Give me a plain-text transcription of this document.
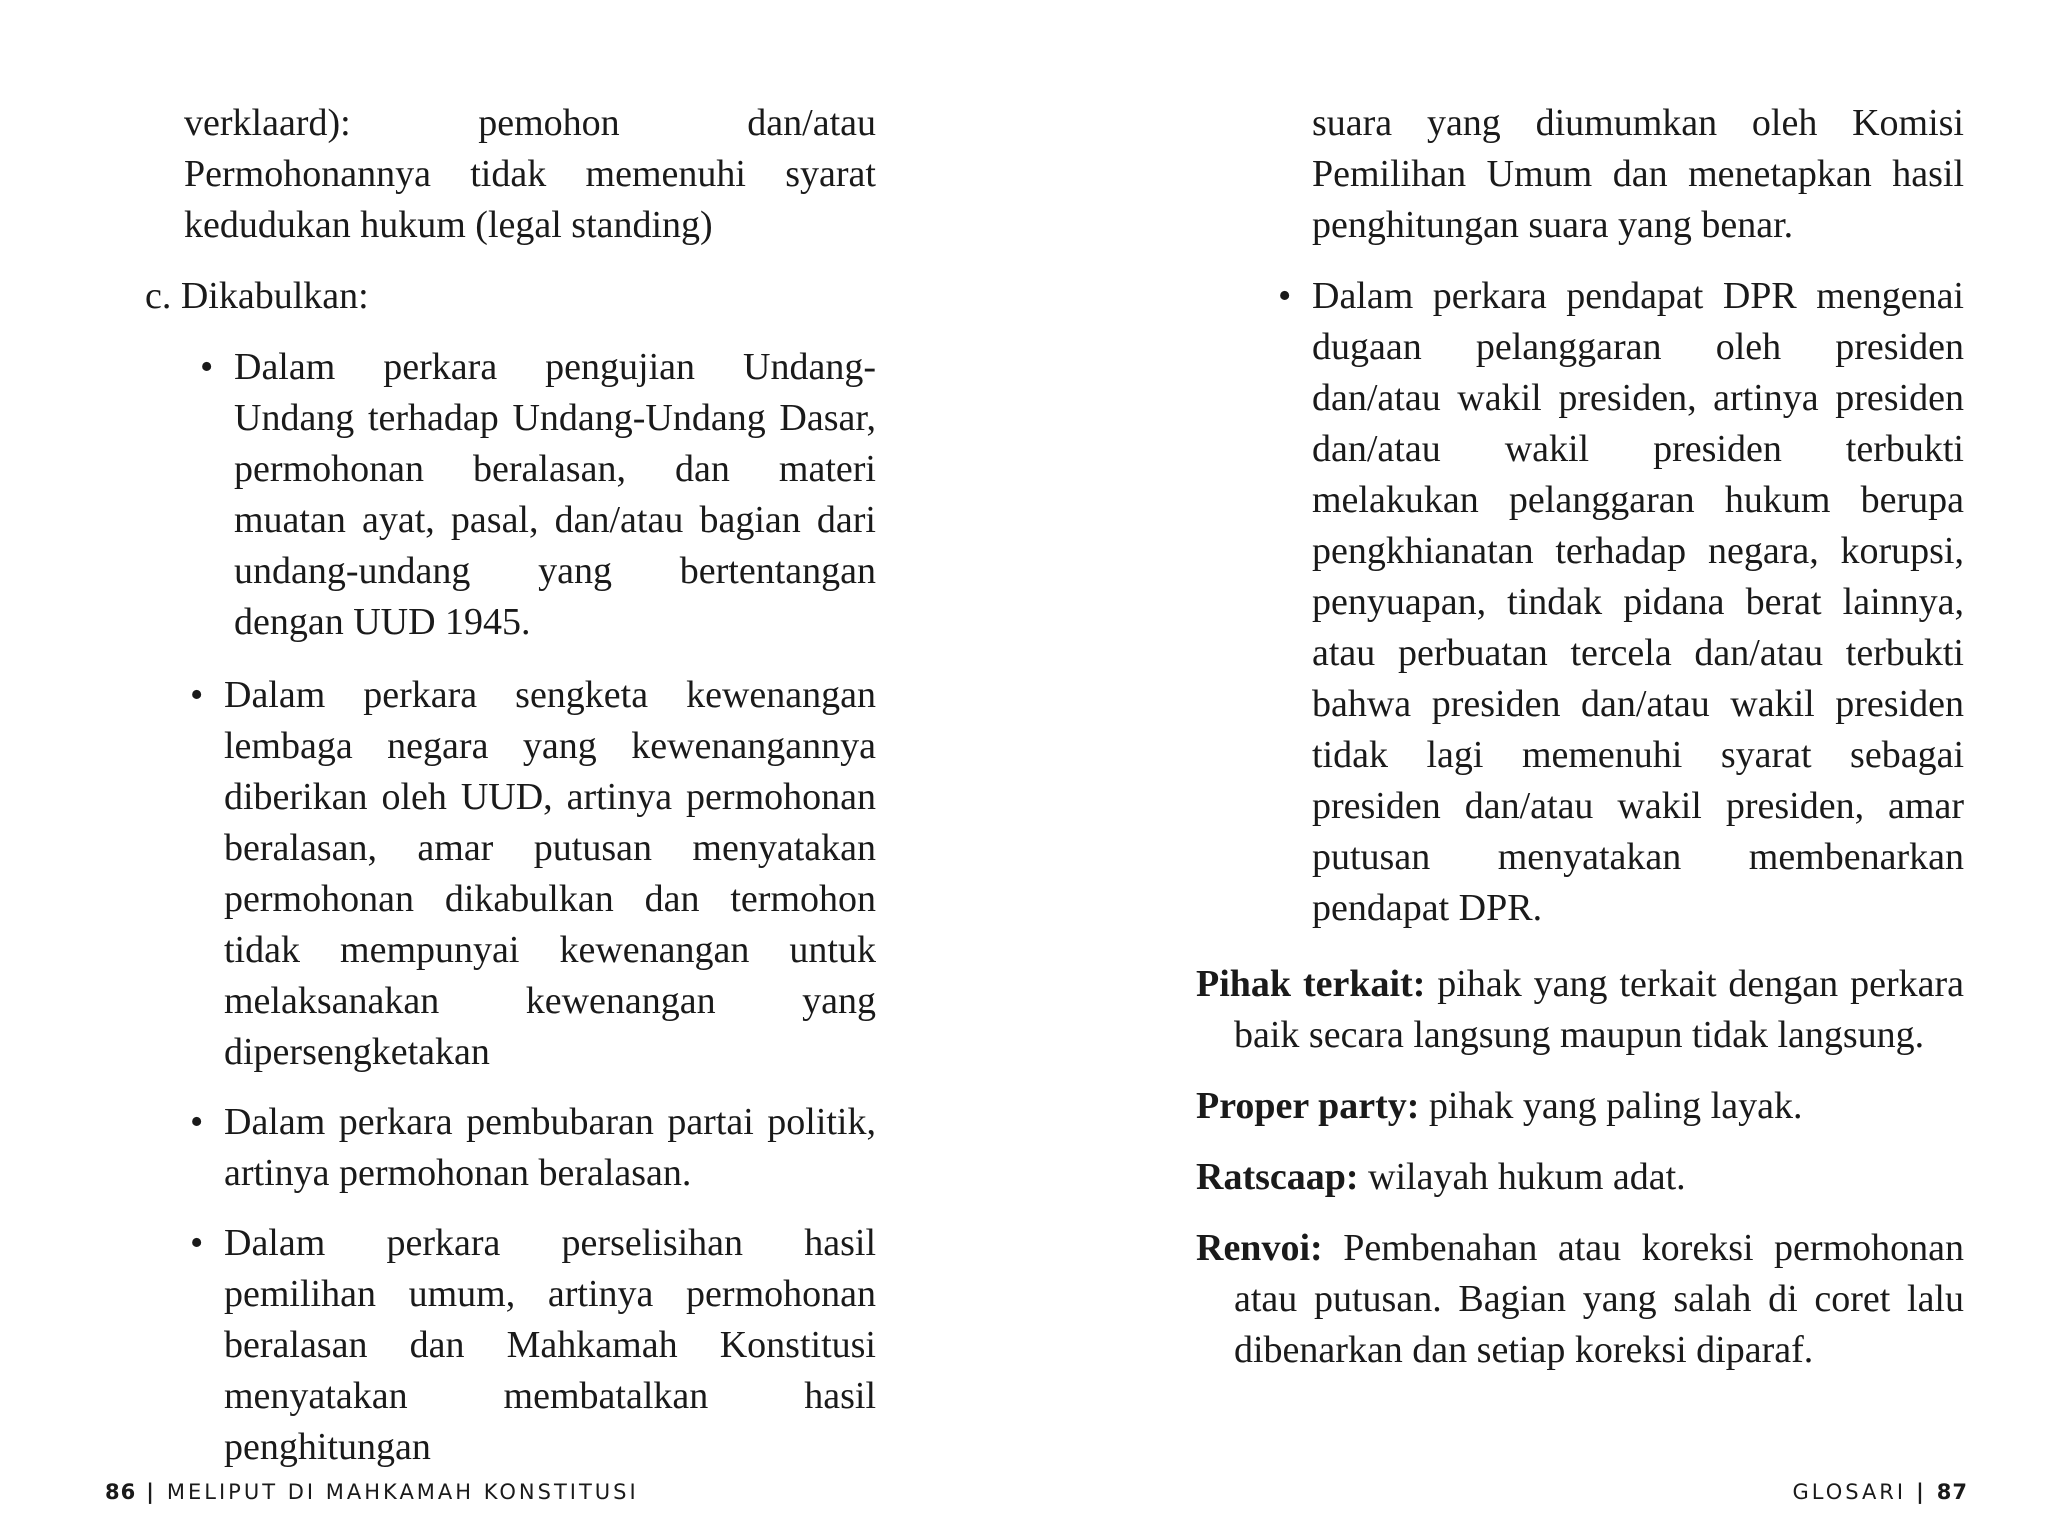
verklaard): pemohon dan/atau Permohonannya tidak memenuhi syarat kedudukan hukum (legal standing)

c. Dikabulkan:

• Dalam perkara pengujian Undang-Undang terhadap Undang-Undang Dasar, permohonan beralasan, dan materi muatan ayat, pasal, dan/atau bagian dari undang-undang yang bertentangan dengan UUD 1945.

• Dalam perkara sengketa kewenangan lembaga negara yang kewenangannya diberikan oleh UUD, artinya permohonan beralasan, amar putusan menyatakan permohonan dikabulkan dan termohon tidak mempunyai kewenangan untuk melaksanakan kewenangan yang dipersengketakan

• Dalam perkara pembubaran partai politik, artinya permohonan beralasan.

• Dalam perkara perselisihan hasil pemilihan umum, artinya permohonan beralasan dan Mahkamah Konstitusi menyatakan membatalkan hasil penghitungan

86 | MELIPUT DI MAHKAMAH KONSTITUSI

suara yang diumumkan oleh Komisi Pemilihan Umum dan menetapkan hasil penghitungan suara yang benar.

• Dalam perkara pendapat DPR mengenai dugaan pelanggaran oleh presiden dan/atau wakil presiden, artinya presiden dan/atau wakil presiden terbukti melakukan pelanggaran hukum berupa pengkhianatan terhadap negara, korupsi, penyuapan, tindak pidana berat lainnya, atau perbuatan tercela dan/atau terbukti bahwa presiden dan/atau wakil presiden tidak lagi memenuhi syarat sebagai presiden dan/atau wakil presiden, amar putusan menyatakan membenarkan pendapat DPR.

Pihak terkait: pihak yang terkait dengan perkara baik secara langsung maupun tidak langsung.

Proper party: pihak yang paling layak.

Ratscaap: wilayah hukum adat.

Renvoi: Pembenahan atau koreksi permohonan atau putusan. Bagian yang salah di coret lalu dibenarkan dan setiap koreksi diparaf.

GLOSARI | 87
